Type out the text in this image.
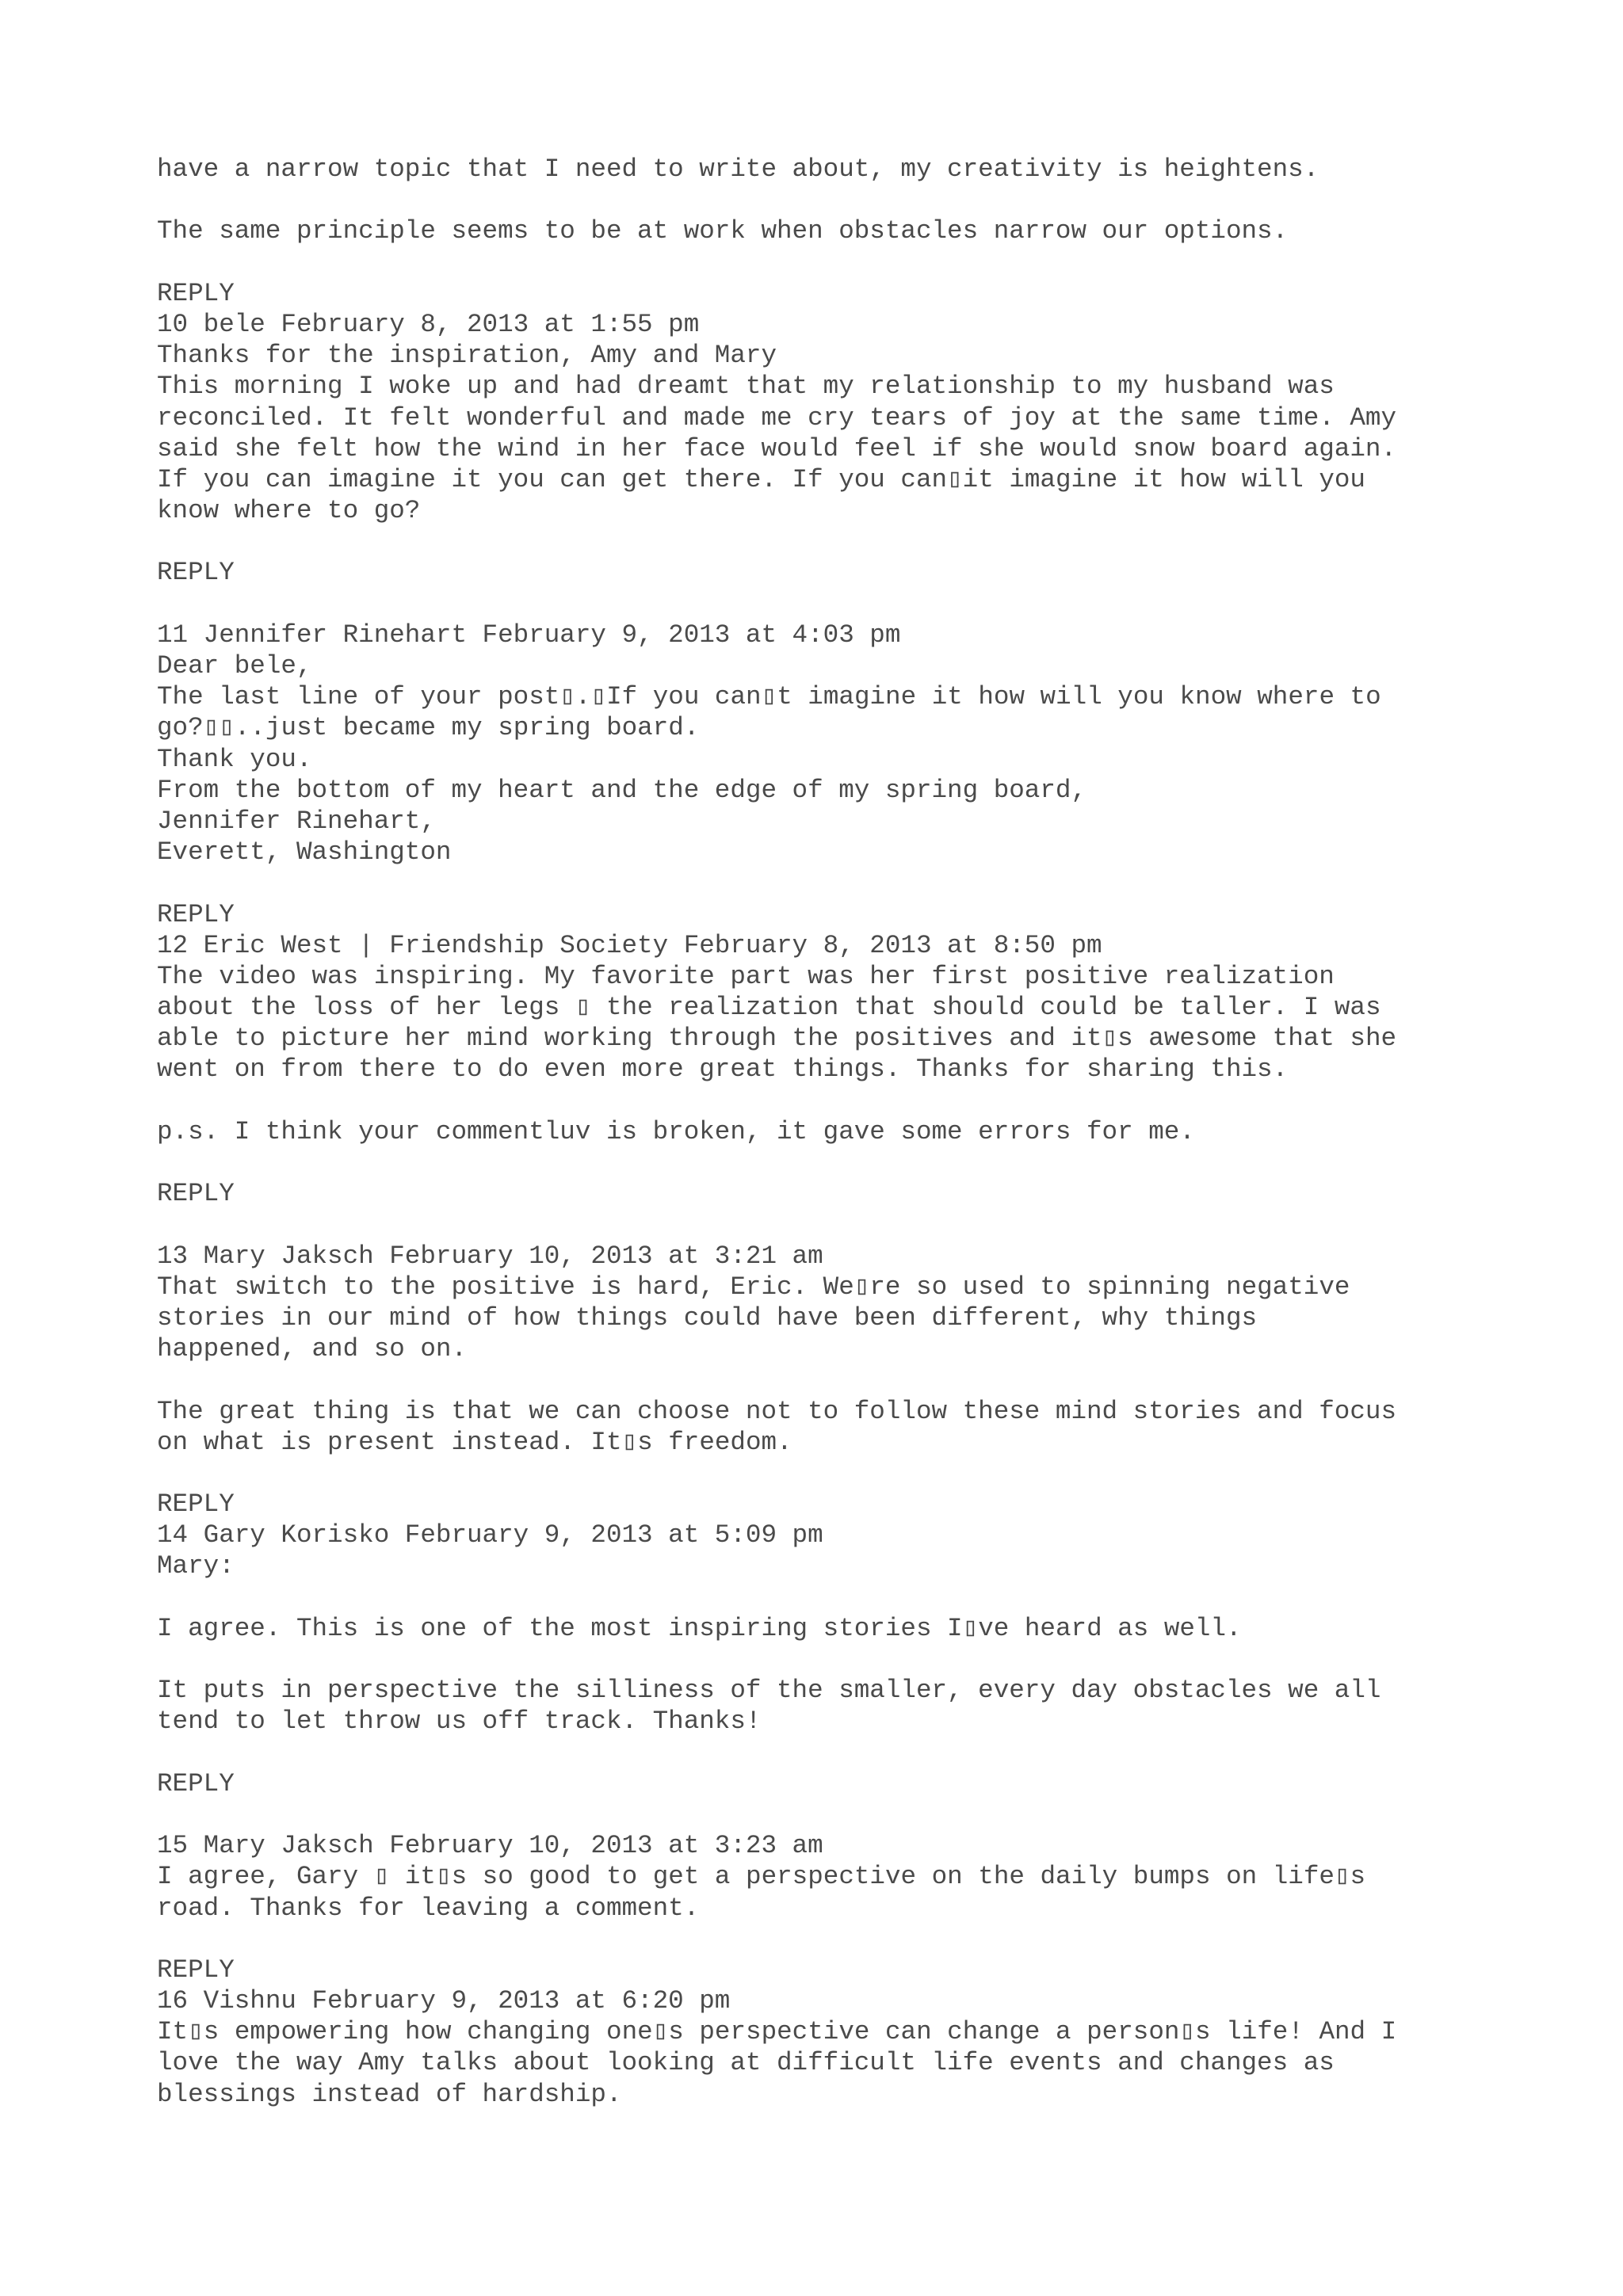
have a narrow topic that I need to write about, my creativity is heightens.
The same principle seems to be at work when obstacles narrow our options.
REPLY
10 bele February 8, 2013 at 1:55 pm
Thanks for the inspiration, Amy and Mary
This morning I woke up and had dreamt that my relationship to my husband was
reconciled. It felt wonderful and made me cry tears of joy at the same time. Amy
said she felt how the wind in her face would feel if she would snow board again.
If you can imagine it you can get there. If you can▯it imagine it how will you
know where to go?
REPLY
11 Jennifer Rinehart February 9, 2013 at 4:03 pm
Dear bele,
The last line of your post▯.▯If you can▯t imagine it how will you know where to
go?▯▯..just became my spring board.
Thank you.
From the bottom of my heart and the edge of my spring board,
Jennifer Rinehart,
Everett, Washington
REPLY
12 Eric West | Friendship Society February 8, 2013 at 8:50 pm
The video was inspiring. My favorite part was her first positive realization
about the loss of her legs ▯ the realization that should could be taller. I was
able to picture her mind working through the positives and it▯s awesome that she
went on from there to do even more great things. Thanks for sharing this.
p.s. I think your commentluv is broken, it gave some errors for me.
REPLY
13 Mary Jaksch February 10, 2013 at 3:21 am
That switch to the positive is hard, Eric. We▯re so used to spinning negative
stories in our mind of how things could have been different, why things
happened, and so on.
The great thing is that we can choose not to follow these mind stories and focus
on what is present instead. It▯s freedom.
REPLY
14 Gary Korisko February 9, 2013 at 5:09 pm
Mary:
I agree. This is one of the most inspiring stories I▯ve heard as well.
It puts in perspective the silliness of the smaller, every day obstacles we all
tend to let throw us off track. Thanks!
REPLY
15 Mary Jaksch February 10, 2013 at 3:23 am
I agree, Gary ▯ it▯s so good to get a perspective on the daily bumps on life▯s
road. Thanks for leaving a comment.
REPLY
16 Vishnu February 9, 2013 at 6:20 pm
It▯s empowering how changing one▯s perspective can change a person▯s life! And I
love the way Amy talks about looking at difficult life events and changes as
blessings instead of hardship.
